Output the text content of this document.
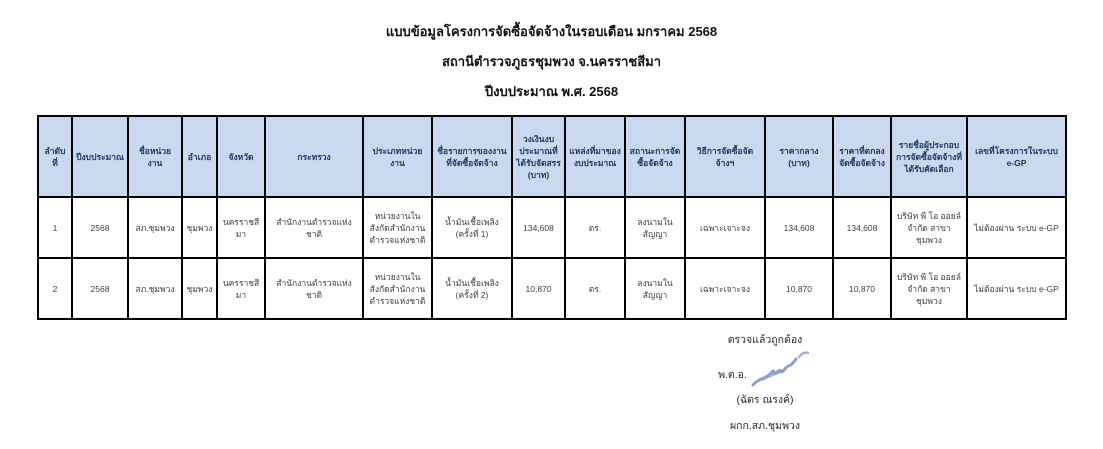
แบบข้อมูลโครงการจัดซื้อจัดจ้างในรอบเดือน มกราคม 2568
สถานีตำรวจภูธรชุมพวง จ.นครราชสีมา
ปีงบประมาณ พ.ศ. 2568
ลำดับที่	ปีงบประมาณ	ชื่อหน่วยงาน	อำเภอ	จังหวัด	กระทรวง	ประเภทหน่วยงาน	ชื่อรายการของงานที่จัดซื้อจัดจ้าง	วงเงินงบประมาณที่ได้รับจัดสรร (บาท)	แหล่งที่มาของงบประมาณ	สถานะการจัดซื้อจัดจ้าง	วิธีการจัดซื้อจัดจ้างฯ	ราคากลาง (บาท)	ราคาที่ตกลงจัดซื้อจัดจ้าง	รายชื่อผู้ประกอบการจัดซื้อจัดจ้างที่ได้รับคัดเลือก	เลขที่โครงการในระบบ e-GP
1	2568	สภ.ชุมพวง	ชุมพวง	นครราชสีมา	สำนักงานตำรวจแห่งชาติ	หน่วยงานในสังกัดสำนักงานตำรวจแห่งชาติ	น้ำมันเชื้อเพลิง (ครั้งที่ 1)	134,608	ตร.	ลงนามในสัญญา	เฉพาะเจาะจง	134,608	134,608	บริษัท พี โอ ออยล์ จำกัด สาขาชุมพวง	ไม่ต้องผ่าน ระบบ e-GP
2	2568	สภ.ชุมพวง	ชุมพวง	นครราชสีมา	สำนักงานตำรวจแห่งชาติ	หน่วยงานในสังกัดสำนักงานตำรวจแห่งชาติ	น้ำมันเชื้อเพลิง (ครั้งที่ 2)	10,870	ตร.	ลงนามในสัญญา	เฉพาะเจาะจง	10,870	10,870	บริษัท พี โอ ออยล์ จำกัด สาขาชุมพวง	ไม่ต้องผ่าน ระบบ e-GP
ตรวจแล้วถูกต้อง
พ.ต.อ.
(ฉัตร ณรงค์)
ผกก.สภ.ชุมพวง
